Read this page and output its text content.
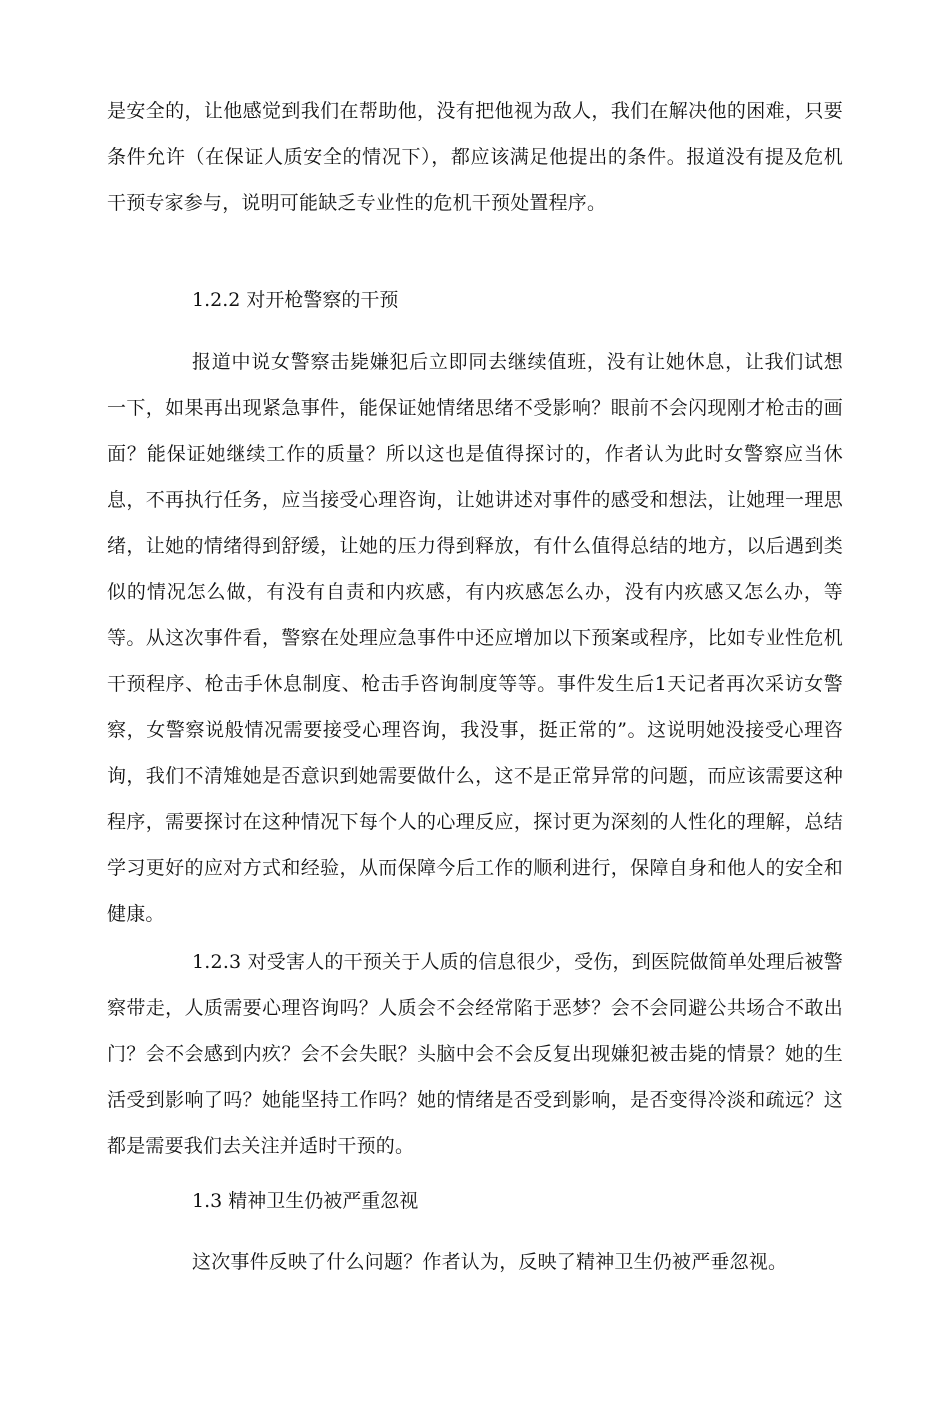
是安全的，让他感觉到我们在帮助他，没有把他视为敌人，我们在解决他的困难，只要条件允许（在保证人质安全的情况下），都应该满足他提出的条件。报道没有提及危机干预专家参与，说明可能缺乏专业性的危机干预处置程序。

1.2.2 对开枪警察的干预

报道中说女警察击毙嫌犯后立即同去继续值班，没有让她休息，让我们试想一下，如果再出现紧急事件，能保证她情绪思绪不受影响？眼前不会闪现刚才枪击的画面？能保证她继续工作的质量？所以这也是值得探讨的，作者认为此时女警察应当休息，不再执行任务，应当接受心理咨询，让她讲述对事件的感受和想法，让她理一理思绪，让她的情绪得到舒缓，让她的压力得到释放，有什么值得总结的地方，以后遇到类似的情况怎么做，有没有自责和内疚感，有内疚感怎么办，没有内疚感又怎么办，等等。从这次事件看，警察在处理应急事件中还应增加以下预案或程序，比如专业性危机干预程序、枪击手休息制度、枪击手咨询制度等等。事件发生后1天记者再次采访女警察，女警察说般情况需要接受心理咨询，我没事，挺正常的”。这说明她没接受心理咨询，我们不清雉她是否意识到她需要做什么，这不是正常异常的问题，而应该需要这种程序，需要探讨在这种情况下每个人的心理反应，探讨更为深刻的人性化的理解，总结学习更好的应对方式和经验，从而保障今后工作的顺利进行，保障自身和他人的安全和健康。

1.2.3 对受害人的干预关于人质的信息很少，受伤，到医院做简单处理后被警察带走，人质需要心理咨询吗？人质会不会经常陷于恶梦？会不会同避公共场合不敢出门？会不会感到内疚？会不会失眠？头脑中会不会反复出现嫌犯被击毙的情景？她的生活受到影响了吗？她能坚持工作吗？她的情绪是否受到影响，是否变得冷淡和疏远？这都是需要我们去关注并适时干预的。

1.3 精神卫生仍被严重忽视

这次事件反映了什么问题？作者认为，反映了精神卫生仍被严垂忽视。
